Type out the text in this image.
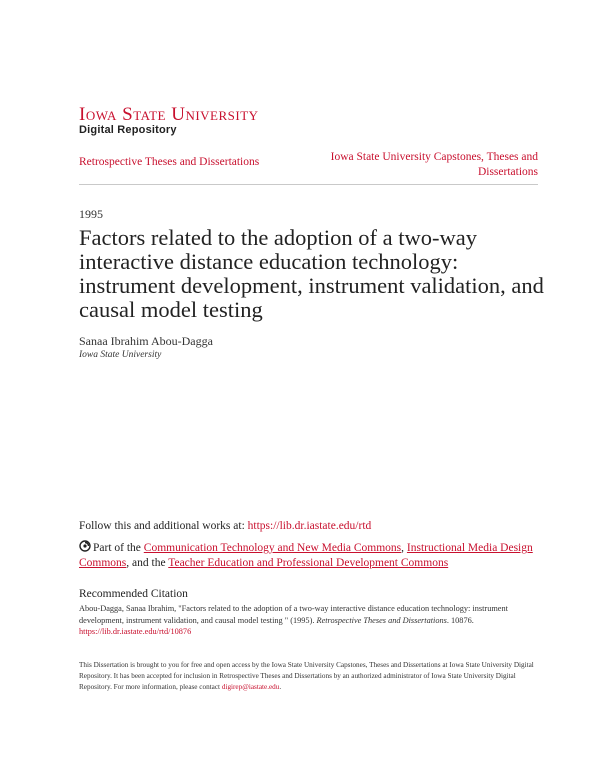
Iowa State University
Digital Repository
Retrospective Theses and Dissertations	Iowa State University Capstones, Theses and Dissertations
1995
Factors related to the adoption of a two-way interactive distance education technology: instrument development, instrument validation, and causal model testing
Sanaa Ibrahim Abou-Dagga
Iowa State University
Follow this and additional works at: https://lib.dr.iastate.edu/rtd
Part of the Communication Technology and New Media Commons, Instructional Media Design Commons, and the Teacher Education and Professional Development Commons
Recommended Citation
Abou-Dagga, Sanaa Ibrahim, "Factors related to the adoption of a two-way interactive distance education technology: instrument development, instrument validation, and causal model testing " (1995). Retrospective Theses and Dissertations. 10876.
https://lib.dr.iastate.edu/rtd/10876
This Dissertation is brought to you for free and open access by the Iowa State University Capstones, Theses and Dissertations at Iowa State University Digital Repository. It has been accepted for inclusion in Retrospective Theses and Dissertations by an authorized administrator of Iowa State University Digital Repository. For more information, please contact digirep@iastate.edu.
